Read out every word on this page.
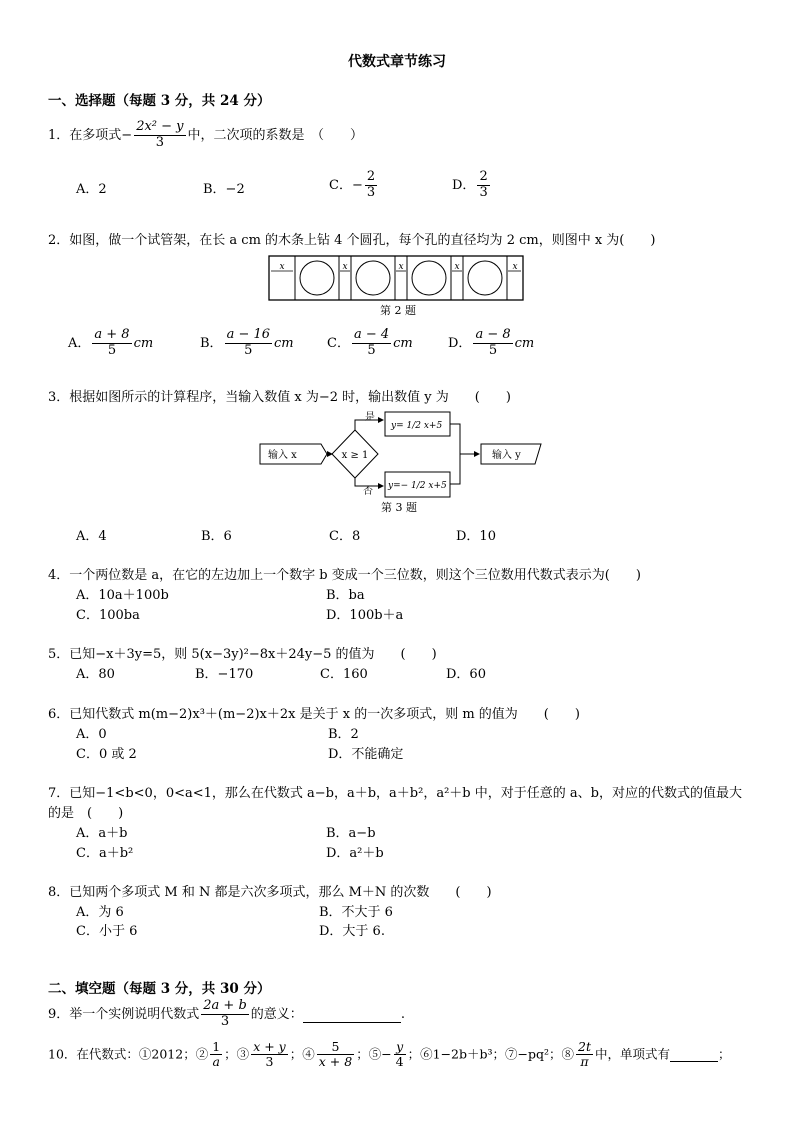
代数式章节练习
一、选择题（每题 3 分，共 24 分）
1．在多项式− $\frac{\text{2x² − y}}{3}$ 中，二次项的系数是　（　　）
A．2	B．−2	C．− $\frac{2}{3}$	D． $\frac{2}{3}$
2．如图，做一个试管架，在长 a cm 的木条上钻 4 个圆孔，每个孔的直径均为 2 cm，则图中 x 为(　　)
x	x	x	x	x
第 2 题
A． $\frac{a + 8}{5}$ cm	B． $\frac{a - 16}{5}$ cm	C． $\frac{a - 4}{5}$ cm	D． $\frac{a - 8}{5}$ cm
3．根据如图所示的计算程序，当输入数值 x 为−2 时，输出数值 y 为　　(　　)
输入 x	x ≥ 1
是
否
y= 1/2 x+5
y=− 1/2 x+5
输入 y
第 3 题
A．4	B．6	C．8	D．10
4．一个两位数是 a，在它的左边加上一个数字 b 变成一个三位数，则这个三位数用代数式表示为(　　)
A．10a＋100b	B．ba
C．100ba	D．100b＋a
5．已知−x＋3y=5，则 5(x−3y)²−8x＋24y−5 的值为　　(　　)
A．80	B．−170	C．160	D．60
6．已知代数式 m(m−2)x³＋(m−2)x＋2x 是关于 x 的一次多项式，则 m 的值为　　(　　)
A．0	B．2
C．0 或 2	D．不能确定
7．已知−1<b<0，0<a<1，那么在代数式 a−b，a＋b，a＋b²，a²＋b 中，对于任意的 a、b，对应的代数式的值最大
的是　(　　)
A．a＋b	B．a−b
C．a＋b²	D．a²＋b
8．已知两个多项式 M 和 N 都是六次多项式，那么 M＋N 的次数　　(　　)
A．为 6	B．不大于 6
C．小于 6	D．大于 6.
二、填空题（每题 3 分，共 30 分）
9．举一个实例说明代数式 $\frac{2a + b}{3}$ 的意义：	.
10．在代数式：①2012；② $\frac{1}{a}$ ；③ $\frac{x + y}{3}$ ；④ $\frac{5}{x + 8}$ ；⑤− $\frac{y}{4}$ ；⑥1−2b＋b³；⑦−pq²；⑧ $\frac{2t}{\pi}$ 中，单项式有	；
